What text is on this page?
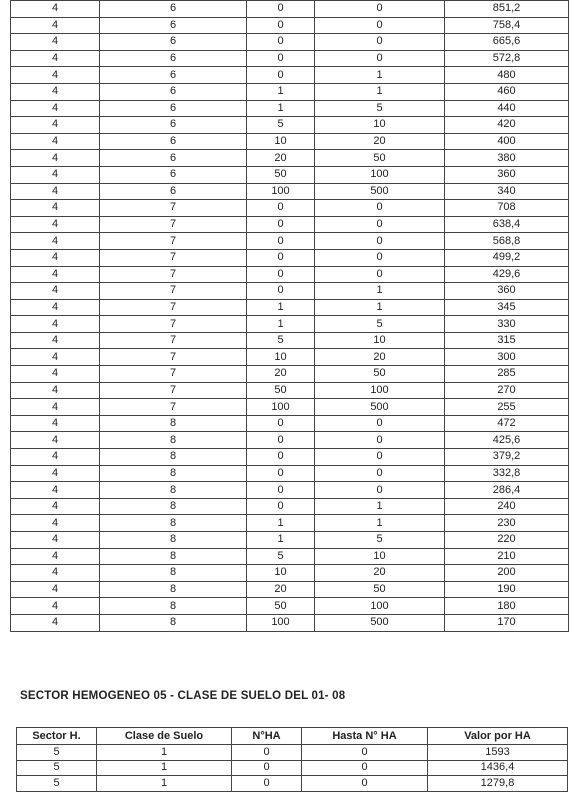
4	6	0	0	851,2
4	6	0	0	758,4
4	6	0	0	665,6
4	6	0	0	572,8
4	6	0	1	480
4	6	1	1	460
4	6	1	5	440
4	6	5	10	420
4	6	10	20	400
4	6	20	50	380
4	6	50	100	360
4	6	100	500	340
4	7	0	0	708
4	7	0	0	638,4
4	7	0	0	568,8
4	7	0	0	499,2
4	7	0	0	429,6
4	7	0	1	360
4	7	1	1	345
4	7	1	5	330
4	7	5	10	315
4	7	10	20	300
4	7	20	50	285
4	7	50	100	270
4	7	100	500	255
4	8	0	0	472
4	8	0	0	425,6
4	8	0	0	379,2
4	8	0	0	332,8
4	8	0	0	286,4
4	8	0	1	240
4	8	1	1	230
4	8	1	5	220
4	8	5	10	210
4	8	10	20	200
4	8	20	50	190
4	8	50	100	180
4	8	100	500	170
SECTOR HEMOGENEO 05 - CLASE DE SUELO DEL 01- 08
Sector H.	Clase de Suelo	N°HA	Hasta N° HA	Valor por HA
5	1	0	0	1593
5	1	0	0	1436,4
5	1	0	0	1279,8
